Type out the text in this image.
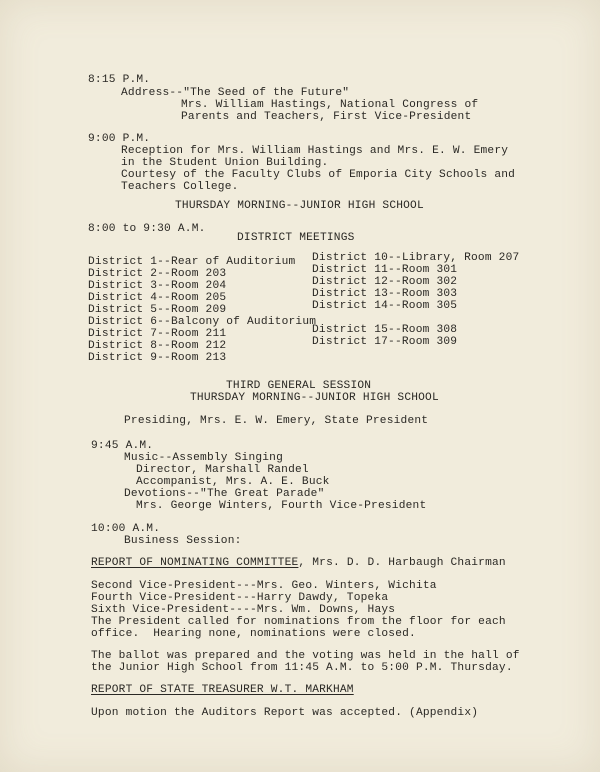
8:15 P.M.
Address--"The Seed of the Future"
Mrs. William Hastings, National Congress of
Parents and Teachers, First Vice-President
9:00 P.M.
Reception for Mrs. William Hastings and Mrs. E. W. Emery
in the Student Union Building.
Courtesy of the Faculty Clubs of Emporia City Schools and
Teachers College.
THURSDAY MORNING--JUNIOR HIGH SCHOOL
8:00 to 9:30 A.M.
DISTRICT MEETINGS
District 1--Rear of Auditorium
District 2--Room 203
District 3--Room 204
District 4--Room 205
District 5--Room 209
District 6--Balcony of Auditorium
District 7--Room 211
District 8--Room 212
District 9--Room 213
District 10--Library, Room 207
District 11--Room 301
District 12--Room 302
District 13--Room 303
District 14--Room 305
District 15--Room 308
District 17--Room 309
THIRD GENERAL SESSION
THURSDAY MORNING--JUNIOR HIGH SCHOOL
Presiding, Mrs. E. W. Emery, State President
9:45 A.M.
Music--Assembly Singing
Director, Marshall Randel
Accompanist, Mrs. A. E. Buck
Devotions--"The Great Parade"
Mrs. George Winters, Fourth Vice-President
10:00 A.M.
Business Session:
REPORT OF NOMINATING COMMITTEE, Mrs. D. D. Harbaugh Chairman
Second Vice-President---Mrs. Geo. Winters, Wichita
Fourth Vice-President---Harry Dawdy, Topeka
Sixth Vice-President----Mrs. Wm. Downs, Hays
The President called for nominations from the floor for each
office.  Hearing none, nominations were closed.
The ballot was prepared and the voting was held in the hall of
the Junior High School from 11:45 A.M. to 5:00 P.M. Thursday.
REPORT OF STATE TREASURER W.T. MARKHAM
Upon motion the Auditors Report was accepted. (Appendix)
